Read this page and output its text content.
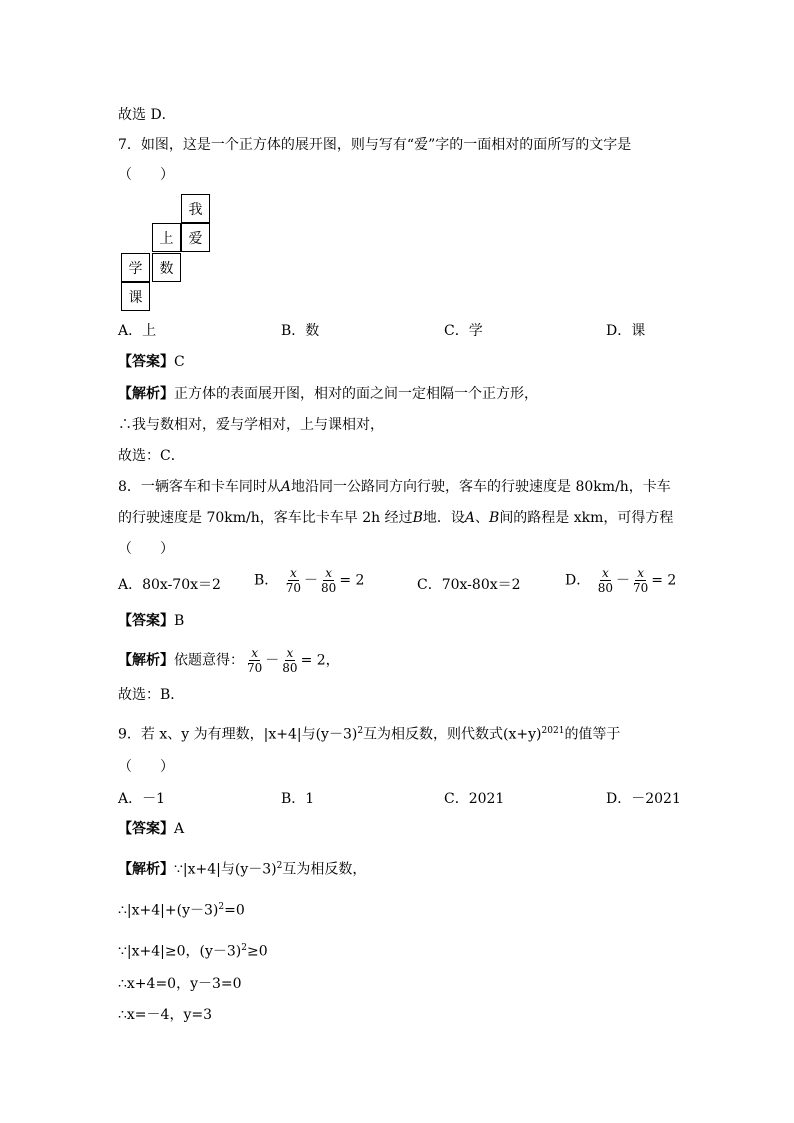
故选 D．
7．如图，这是一个正方体的展开图，则与写有“爱”字的一面相对的面所写的文字是
（　　）
我
上	爱
学	数
课
A．上	B．数	C．学	D．课
【答案】C
【解析】正方体的表面展开图，相对的面之间一定相隔一个正方形，
∴我与数相对，爱与学相对，上与课相对，
故选：C．
8．一辆客车和卡车同时从A地沿同一公路同方向行驶，客车的行驶速度是 80km/h，卡车
的行驶速度是 70km/h，客车比卡车早 2h 经过B地．设A、B间的路程是 xkm，可得方程
（　　）
A．80x-70x＝2 B． $\frac{x}{70} - \frac{x}{80} = 2$	C．70x-80x＝2	D． $\frac{x}{80} - \frac{x}{70} = 2$
【答案】B
【解析】依题意得： $\frac{x}{70} - \frac{x}{80} = 2$，
故选：B．
9．若 x、y 为有理数，|x+4|与$(y-3)^2$互为相反数，则代数式$(x+y)^{2021}$的值等于
（　　）
A．－1	B．1	C．2021	D．－2021
【答案】A
【解析】∵|x+4|与$(y-3)^2$互为相反数，
$\therefore|x+4|+(y-3)^2=0$
∵|x+4|≥0，$(y-3)^2\ge 0$
∴x+4=0，y－3=0
∴x=－4，y=3
